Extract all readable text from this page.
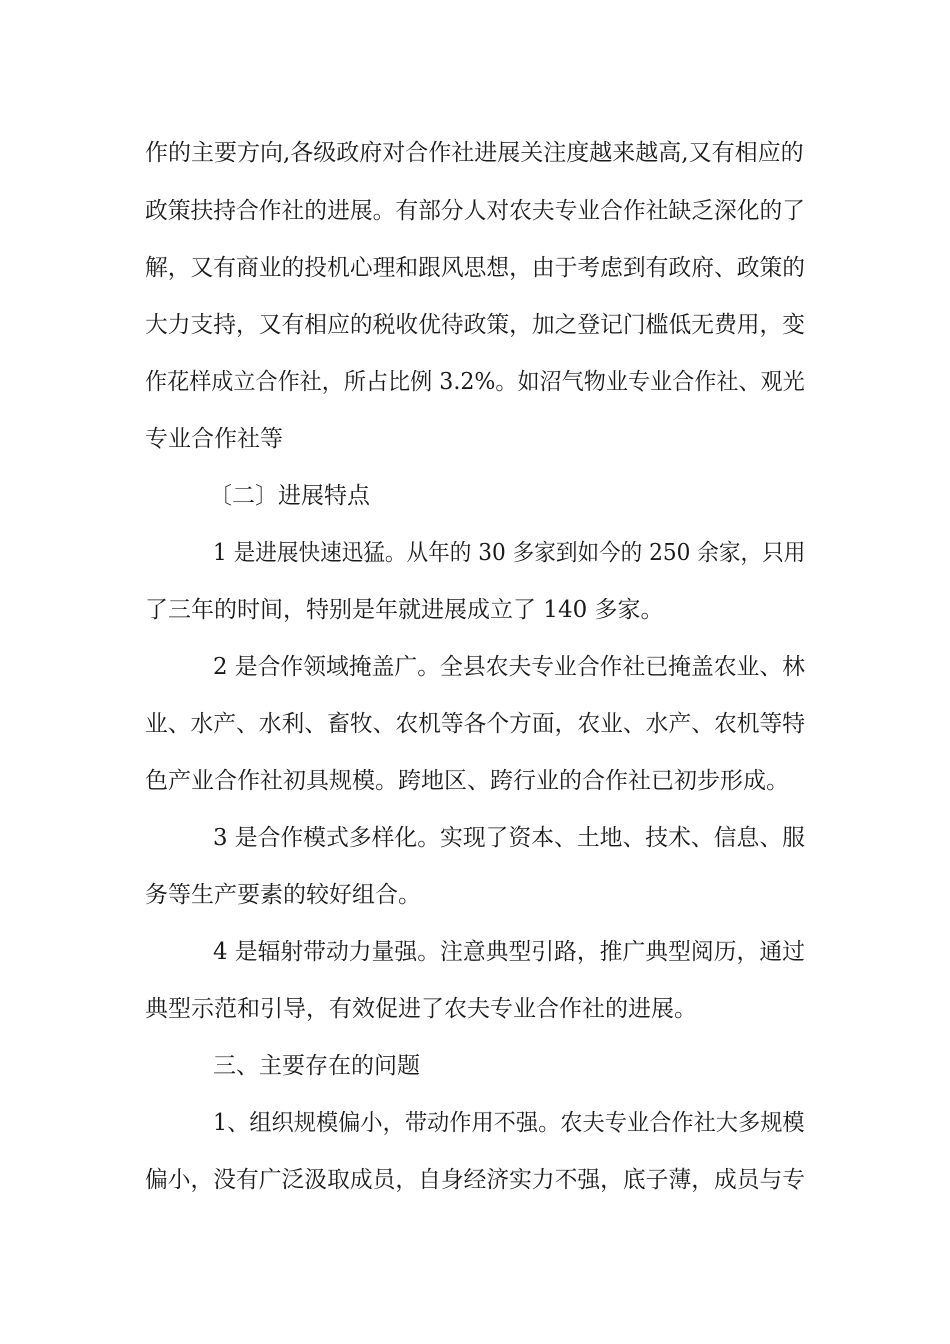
作的主要方向,各级政府对合作社进展关注度越来越高,又有相应的
政策扶持合作社的进展。有部分人对农夫专业合作社缺乏深化的了
解，又有商业的投机心理和跟风思想，由于考虑到有政府、政策的
大力支持，又有相应的税收优待政策，加之登记门槛低无费用，变
作花样成立合作社，所占比例 3.2%。如沼气物业专业合作社、观光
专业合作社等
〔二〕进展特点
1 是进展快速迅猛。从年的 30 多家到如今的 250 余家，只用
了三年的时间，特别是年就进展成立了 140 多家。
2 是合作领域掩盖广。全县农夫专业合作社已掩盖农业、林
业、水产、水利、畜牧、农机等各个方面，农业、水产、农机等特
色产业合作社初具规模。跨地区、跨行业的合作社已初步形成。
3 是合作模式多样化。实现了资本、土地、技术、信息、服
务等生产要素的较好组合。
4 是辐射带动力量强。注意典型引路，推广典型阅历，通过
典型示范和引导，有效促进了农夫专业合作社的进展。
三、主要存在的问题
1、组织规模偏小，带动作用不强。农夫专业合作社大多规模
偏小，没有广泛汲取成员，自身经济实力不强，底子薄，成员与专
